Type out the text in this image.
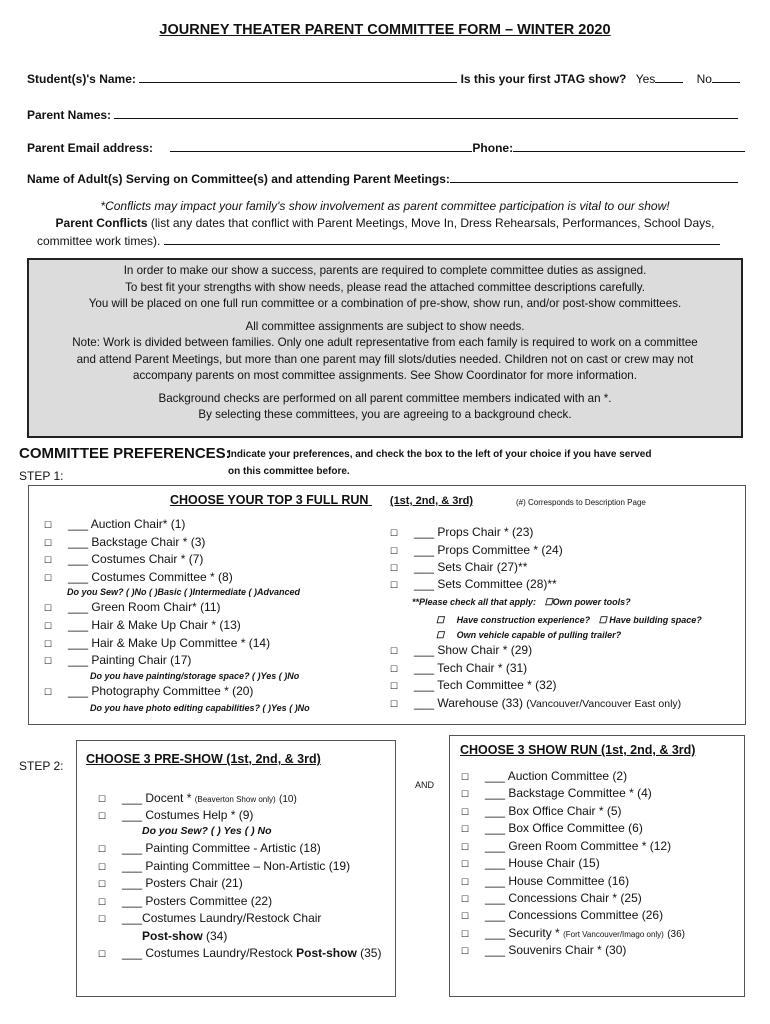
JOURNEY THEATER PARENT COMMITTEE FORM – WINTER 2020
Student(s)'s Name:	Is this your first JTAG show? Yes	No
Parent Names:
Parent Email address:	Phone:
Name of Adult(s) Serving on Committee(s) and attending Parent Meetings:
*Conflicts may impact your family's show involvement as parent committee participation is vital to our show!
Parent Conflicts (list any dates that conflict with Parent Meetings, Move In, Dress Rehearsals, Performances, School Days,
committee work times).

In order to make our show a success, parents are required to complete committee duties as assigned.

To best fit your strengths with show needs, please read the attached committee descriptions carefully.

You will be placed on one full run committee or a combination of pre-show, show run, and/or post-show committees.

All committee assignments are subject to show needs.

Note: Work is divided between families. Only one adult representative from each family is required to work on a committee

and attend Parent Meetings, but more than one parent may fill slots/duties needed. Children not on cast or crew may not

accompany parents on most committee assignments. See Show Coordinator for more information.

Background checks are performed on all parent committee members indicated with an *.

By selecting these committees, you are agreeing to a background check.

COMMITTEE PREFERENCES:
Indicate your preferences, and check the box to the left of your choice if you have served
on this committee before.
STEP 1:
CHOOSE YOUR TOP 3 FULL RUN (1st, 2nd, & 3rd)	(#) Corresponds to Description Page
☐ ___ Auction Chair* (1)
☐ ___ Backstage Chair * (3)
☐ ___ Costumes Chair * (7)
☐ ___ Costumes Committee * (8)
Do you Sew? ( )No ( )Basic ( )Intermediate ( )Advanced
☐ ___ Green Room Chair* (11)
☐ ___ Hair & Make Up Chair * (13)
☐ ___ Hair & Make Up Committee * (14)
☐ ___ Painting Chair (17)
Do you have painting/storage space? ( )Yes ( )No
☐ ___ Photography Committee * (20)
Do you have photo editing capabilities? ( )Yes ( )No
☐ ___ Props Chair * (23)
☐ ___ Props Committee * (24)
☐ ___ Sets Chair (27)**
☐ ___ Sets Committee (28)**
**Please check all that apply: ☐Own power tools?
☐ Have construction experience? ☐ Have building space?
☐ Own vehicle capable of pulling trailer?
☐ ___ Show Chair * (29)
☐ ___ Tech Chair * (31)
☐ ___ Tech Committee * (32)
☐ ___ Warehouse (33) (Vancouver/Vancouver East only)
STEP 2: CHOOSE 3 PRE-SHOW (1st, 2nd, & 3rd)
AND
☐ ___ Docent * (Beaverton Show only) (10)
☐ ___ Costumes Help * (9)
Do you Sew? ( ) Yes ( ) No
☐ ___ Painting Committee - Artistic (18)
☐ ___ Painting Committee – Non-Artistic (19)
☐ ___ Posters Chair (21)
☐ ___ Posters Committee (22)
☐ ___Costumes Laundry/Restock Chair
Post-show (34)
☐ ___ Costumes Laundry/Restock Post-show (35)
CHOOSE 3 SHOW RUN (1st, 2nd, & 3rd)
☐ ___ Auction Committee (2)
☐ ___ Backstage Committee * (4)
☐ ___ Box Office Chair * (5)
☐ ___ Box Office Committee (6)
☐ ___ Green Room Committee * (12)
☐ ___ House Chair (15)
☐ ___ House Committee (16)
☐ ___ Concessions Chair * (25)
☐ ___ Concessions Committee (26)
☐ ___ Security * (Fort Vancouver/Imago only) (36)
☐ ___ Souvenirs Chair * (30)
